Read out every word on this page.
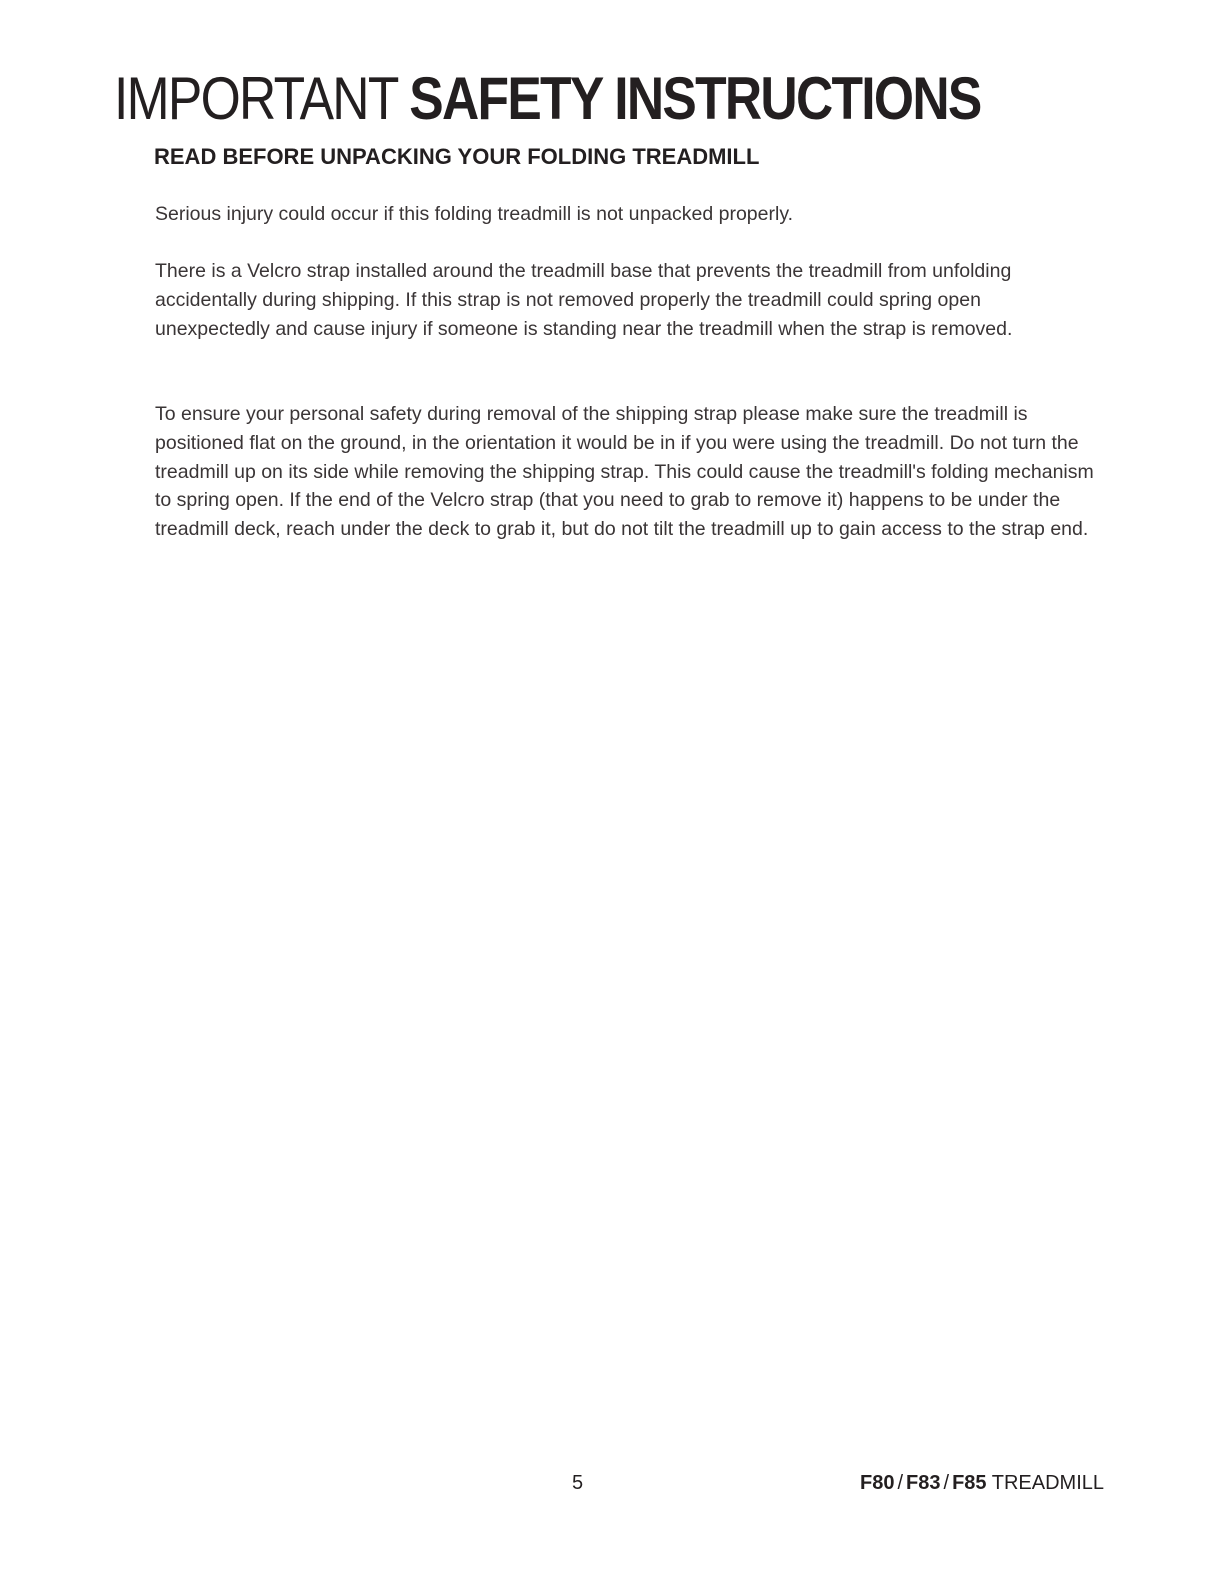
IMPORTANT SAFETY INSTRUCTIONS
READ BEFORE UNPACKING YOUR FOLDING TREADMILL

Serious injury could occur if this folding treadmill is not unpacked properly.

There is a Velcro strap installed around the treadmill base that prevents the treadmill from unfolding accidentally during shipping. If this strap is not removed properly the treadmill could spring open unexpectedly and cause injury if someone is standing near the treadmill when the strap is removed.

To ensure your personal safety during removal of the shipping strap please make sure the treadmill is positioned flat on the ground, in the orientation it would be in if you were using the treadmill. Do not turn the treadmill up on its side while removing the shipping strap. This could cause the treadmill's folding mechanism to spring open. If the end of the Velcro strap (that you need to grab to remove it) happens to be under the treadmill deck, reach under the deck to grab it, but do not tilt the treadmill up to gain access to the strap end.

5	F80 / F83 / F85 TREADMILL
